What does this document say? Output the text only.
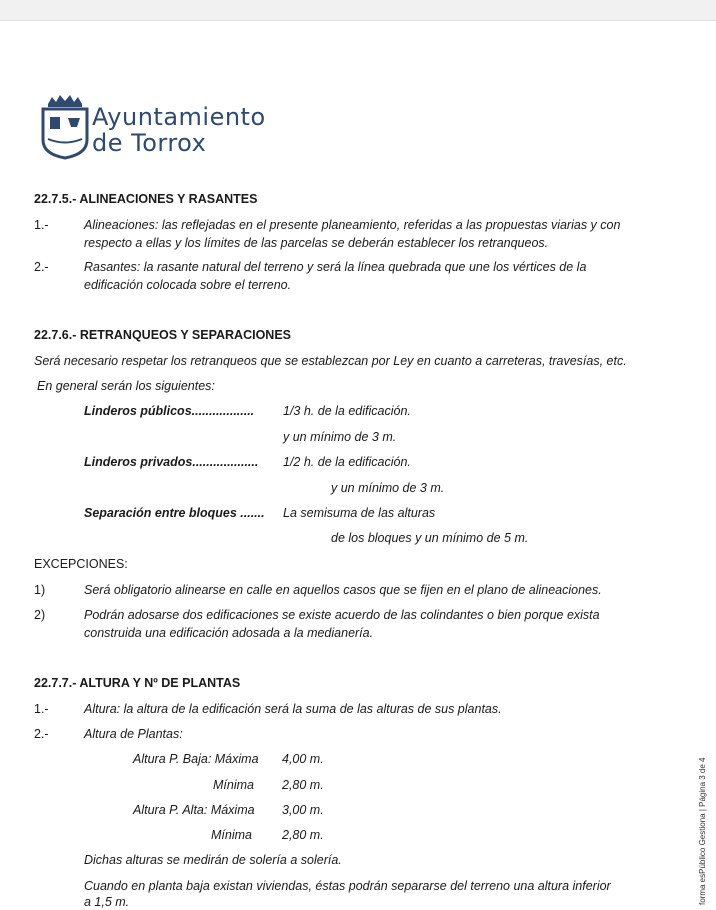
Ayuntamiento
de Torrox
22.7.5.- ALINEACIONES Y RASANTES
1.-	Alineaciones: las reflejadas en el presente planeamiento, referidas a las propuestas viarias y con
respecto a ellas y los límites de las parcelas se deberán establecer los retranqueos.
2.-	Rasantes: la rasante natural del terreno y será la línea quebrada que une los vértices de la
edificación colocada sobre el terreno.
22.7.6.- RETRANQUEOS Y SEPARACIONES
Será necesario respetar los retranqueos que se establezcan por Ley en cuanto a carreteras, travesías, etc.
En general serán los siguientes:
Linderos públicos.................. 1/3 h. de la edificación.
y un mínimo de 3 m.
Linderos privados................... 1/2 h. de la edificación.
y un mínimo de 3 m.
Separación entre bloques ....... La semisuma de las alturas
de los bloques y un mínimo de 5 m.
EXCEPCIONES:
1)	Será obligatorio alinearse en calle en aquellos casos que se fijen en el plano de alineaciones.
2)	Podrán adosarse dos edificaciones se existe acuerdo de las colindantes o bien porque exista
construida una edificación adosada a la medianería.
22.7.7.- ALTURA Y Nº DE PLANTAS
1.-	Altura: la altura de la edificación será la suma de las alturas de sus plantas.
2.-	Altura de Plantas:
Altura P. Baja: Máxima 4,00 m.
Mínima 2,80 m.
Altura P. Alta: Máxima 3,00 m.
Mínima 2,80 m.
Dichas alturas se medirán de solería a solería.
Cuando en planta baja existan viviendas, éstas podrán separarse del terreno una altura inferior
a 1,5 m.	forma esPúblico Gestiona | Página 3 de 4
